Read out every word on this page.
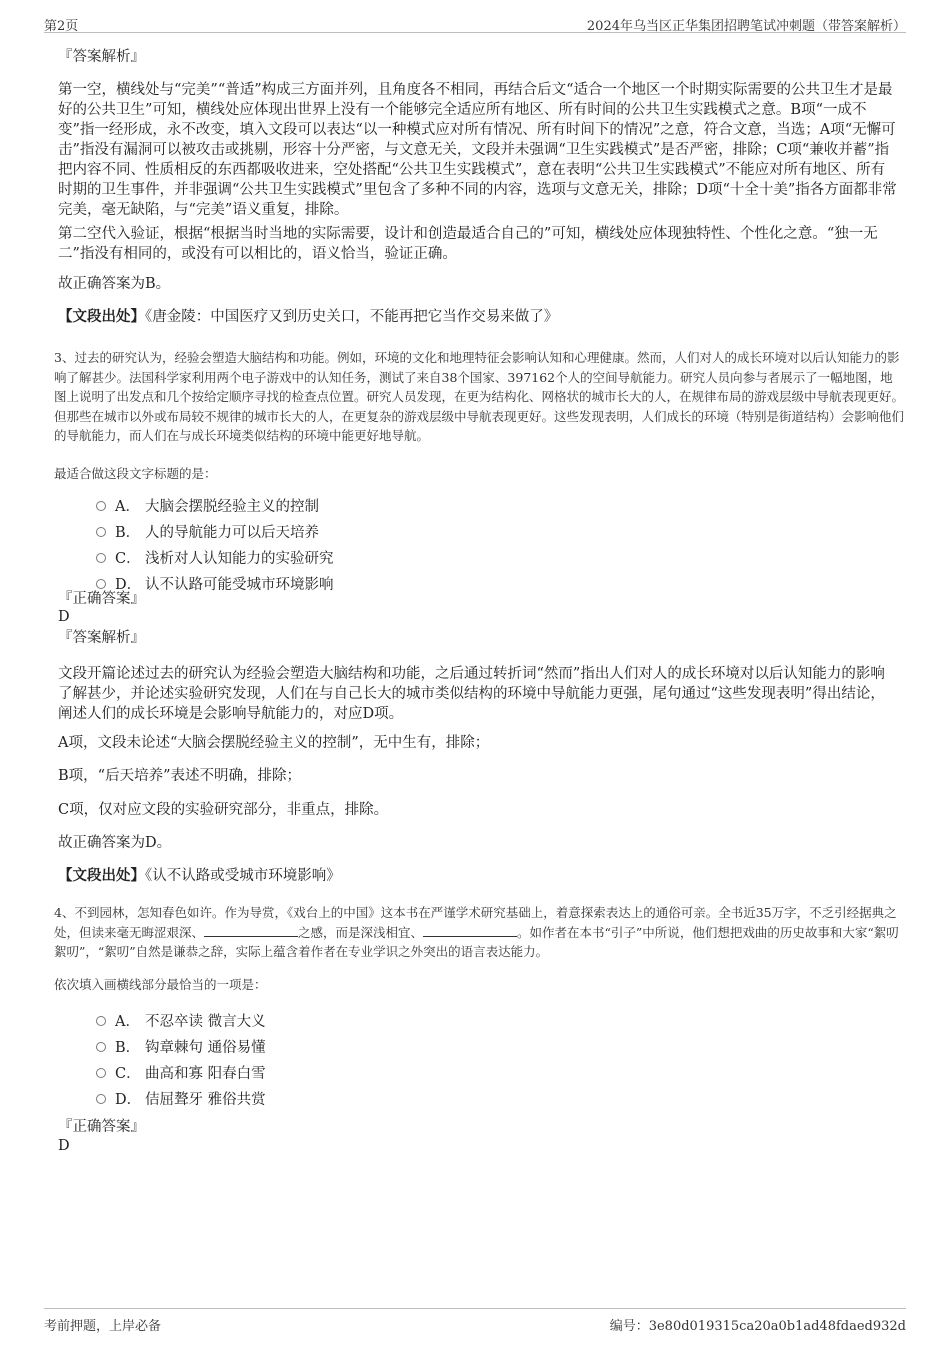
第2页	2024年乌当区正华集团招聘笔试冲刺题（带答案解析）
『答案解析』

第一空，横线处与“完美”“普适”构成三方面并列，且角度各不相同，再结合后文“适合一个地区一个时期实际需要的公共卫生才是最好的公共卫生”可知，横线处应体现出世界上没有一个能够完全适应所有地区、所有时间的公共卫生实践模式之意。B项“一成不变”指一经形成，永不改变，填入文段可以表达“以一种模式应对所有情况、所有时间下的情况”之意，符合文意，当选；A项“无懈可击”指没有漏洞可以被攻击或挑剔，形容十分严密，与文意无关，文段并未强调“卫生实践模式”是否严密，排除；C项“兼收并蓄”指把内容不同、性质相反的东西都吸收进来，空处搭配“公共卫生实践模式”，意在表明“公共卫生实践模式”不能应对所有地区、所有时期的卫生事件，并非强调“公共卫生实践模式”里包含了多种不同的内容，选项与文意无关，排除；D项“十全十美”指各方面都非常完美，毫无缺陷，与“完美”语义重复，排除。

第二空代入验证，根据“根据当时当地的实际需要，设计和创造最适合自己的”可知，横线处应体现独特性、个性化之意。“独一无二”指没有相同的，或没有可以相比的，语义恰当，验证正确。

故正确答案为B。
【文段出处】《唐金陵：中国医疗又到历史关口，不能再把它当作交易来做了》
3、过去的研究认为，经验会塑造大脑结构和功能。例如，环境的文化和地理特征会影响认知和心理健康。然而，人们对人的成长环境对以后认知能力的影响了解甚少。法国科学家利用两个电子游戏中的认知任务，测试了来自38个国家、397162个人的空间导航能力。研究人员向参与者展示了一幅地图，地图上说明了出发点和几个按给定顺序寻找的检查点位置。研究人员发现，在更为结构化、网格状的城市长大的人，在规律布局的游戏层级中导航表现更好。但那些在城市以外或布局较不规律的城市长大的人，在更复杂的游戏层级中导航表现更好。这些发现表明，人们成长的环境（特别是街道结构）会影响他们的导航能力，而人们在与成长环境类似结构的环境中能更好地导航。
最适合做这段文字标题的是：
A． 大脑会摆脱经验主义的控制
B． 人的导航能力可以后天培养
C． 浅析对人认知能力的实验研究
D． 认不认路可能受城市环境影响
『正确答案』
D
『答案解析』

文段开篇论述过去的研究认为经验会塑造大脑结构和功能，之后通过转折词“然而”指出人们对人的成长环境对以后认知能力的影响了解甚少，并论述实验研究发现，人们在与自己长大的城市类似结构的环境中导航能力更强，尾句通过“这些发现表明”得出结论，阐述人们的成长环境是会影响导航能力的，对应D项。

A项，文段未论述“大脑会摆脱经验主义的控制”，无中生有，排除；
B项，“后天培养”表述不明确，排除；
C项，仅对应文段的实验研究部分，非重点，排除。
故正确答案为D。
【文段出处】《认不认路或受城市环境影响》
4、不到园林，怎知春色如许。作为导赏，《戏台上的中国》这本书在严谨学术研究基础上，着意探索表达上的通俗可亲。全书近35万字，不乏引经据典之处，但读来毫无晦涩艰深、	之感，而是深浅相宜、	。如作者在本书“引子”中所说，他们想把戏曲的历史故事和大家“絮叨絮叨”，“絮叨”自然是谦恭之辞，实际上蕴含着作者在专业学识之外突出的语言表达能力。
依次填入画横线部分最恰当的一项是：
A． 不忍卒读 微言大义
B． 钩章棘句 通俗易懂
C． 曲高和寡 阳春白雪
D． 佶屈聱牙 雅俗共赏
『正确答案』
D
考前押题，上岸必备	编号：3e80d019315ca20a0b1ad48fdaed932d
